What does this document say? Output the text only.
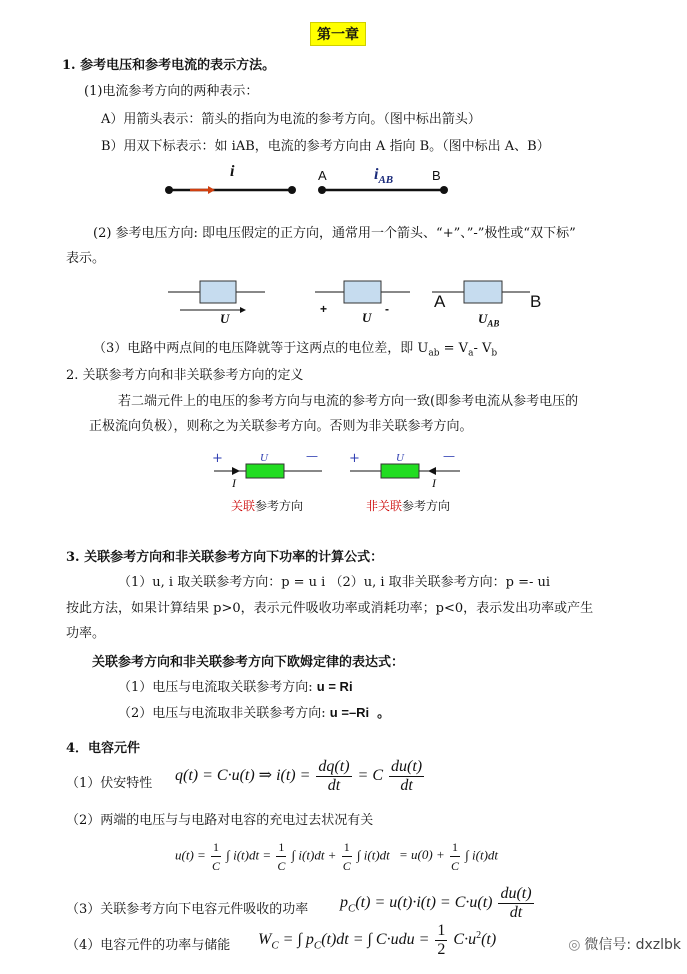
第一章
1. 参考电压和参考电流的表示方法。
(1)电流参考方向的两种表示：
A）用箭头表示：箭头的指向为电流的参考方向。（图中标出箭头）
B）用双下标表示：如 iAB，电流的参考方向由 A 指向 B。（图中标出 A、B）
i	A	$i_{AB}$	B
(2) 参考电压方向: 即电压假定的正方向，通常用一个箭头、“+”、”-”极性或“双下标”
表示。
U
+
U
-	A	B
$U_{AB}$
（3）电路中两点间的电压降就等于这两点的电位差，即 $U_{ab} = V_a-$ $V_b$
2. 关联参考方向和非关联参考方向的定义
若二端元件上的电压的参考方向与电流的参考方向一致(即参考电流从参考电压的
正极流向负极），则称之为关联参考方向。否则为非关联参考方向。
+	U	—
I
+	U	—
I
关联参考方向	非关联参考方向
3. 关联参考方向和非关联参考方向下功率的计算公式：
（1）u, i 取关联参考方向：p = u i （2）u, i 取非关联参考方向：p =- ui
按此方法，如果计算结果 p>0，表示元件吸收功率或消耗功率；p<0，表示发出功率或产生
功率。
关联参考方向和非关联参考方向下欧姆定律的表达式：
（1）电压与电流取关联参考方向: u = Ri
（2）电压与电流取非关联参考方向: u =–Ri 。
4．电容元件
（1）伏安特性 q(t) = C·u(t) ⇒ $i(t) = \frac{dq(t)}{dt} = C \frac{du(t)}{dt}$
（2）两端的电压与与电路对电容的充电过去状况有关
$u(t) = \frac{1}{C}$ ∫ $i(t)dt = \frac{1}{C}$ ∫ $i(t)dt + \frac{1}{C}$ ∫ $i(t)dt = u(0) + \frac{1}{C}$ ∫ i(t)dt
（3）关联参考方向下电容元件吸收的功率 $p_C(t) = u(t)\cdot i(t) = C\cdot u(t) \frac{du(t)}{dt}$
（4）电容元件的功率与储能 $W_C$ = ∫ $p_C(t)dt$ = ∫ $C\cdot udu = \frac{1}{2} C\cdot u^2(t)$	◎ 微信号: dxzlbk
